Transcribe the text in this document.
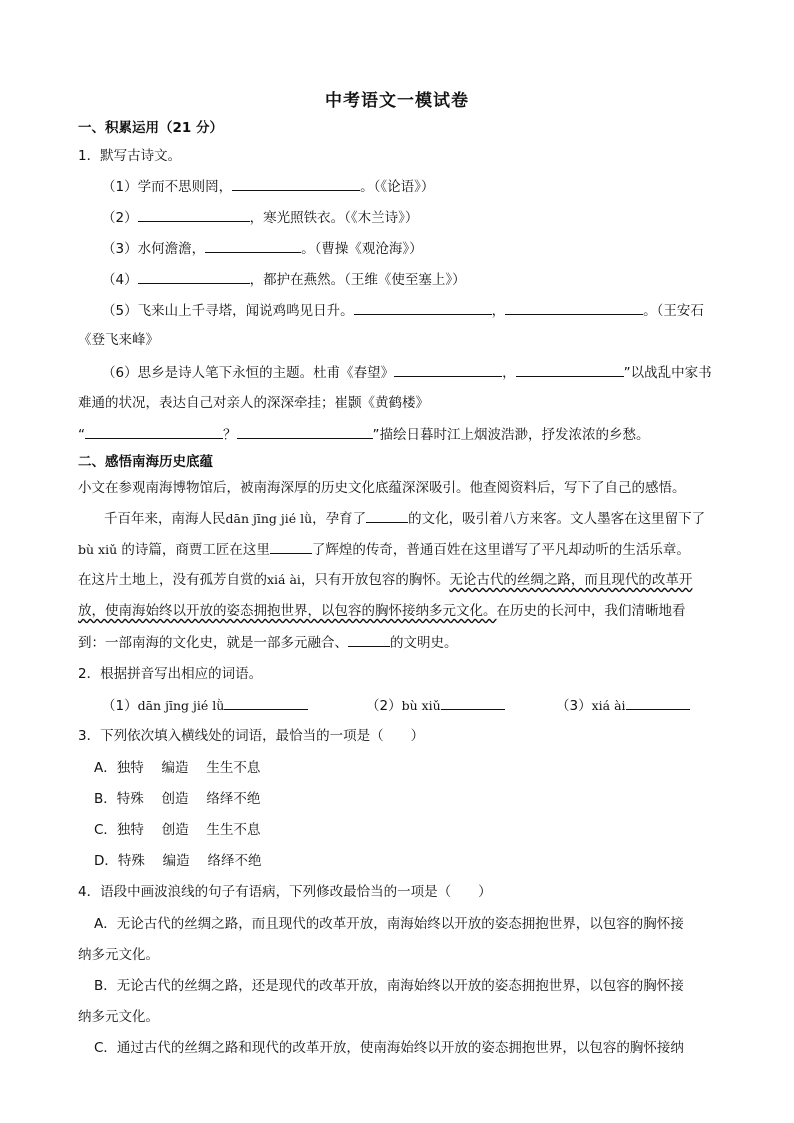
中考语文一模试卷
一、积累运用（21 分）
1．默写古诗文。
（1）学而不思则罔，	。（《论语》）
（2）	，寒光照铁衣。（《木兰诗》）
（3）水何澹澹，	。（曹操《观沧海》）
（4）	，都护在燕然。（王维《使至塞上》）
（5）飞来山上千寻塔，闻说鸡鸣见日升。	，	。（王安石
《登飞来峰》
（6）思乡是诗人笔下永恒的主题。杜甫《春望》	，	”以战乱中家书
难通的状况，表达自己对亲人的深深牵挂；崔颢《黄鹤楼》
“	？	”描绘日暮时江上烟波浩渺，抒发浓浓的乡愁。
二、感悟南海历史底蕴
小文在参观南海博物馆后，被南海深厚的历史文化底蕴深深吸引。他查阅资料后，写下了自己的感悟。
千百年来，南海人民dān jīng jié lǜ，孕育了	的文化，吸引着八方来客。文人墨客在这里留下了
bù xiǔ 的诗篇，商贾工匠在这里	了辉煌的传奇，普通百姓在这里谱写了平凡却动听的生活乐章。
在这片土地上，没有孤芳自赏的xiá ài，只有开放包容的胸怀。无论古代的丝绸之路，而且现代的改革开
放，使南海始终以开放的姿态拥抱世界，以包容的胸怀接纳多元文化。在历史的长河中，我们清晰地看
到：一部南海的文化史，就是一部多元融合、	的文明史。
2．根据拼音写出相应的词语。
（1）dān jīng jié lǜ	（2）bù xiǔ	（3）xiá ài
3．下列依次填入横线处的词语，最恰当的一项是（　　）
A．独特　 编造　 生生不息
B．特殊　 创造　 络绎不绝
C．独特　 创造　 生生不息
D．特殊　 编造　 络绎不绝
4．语段中画波浪线的句子有语病，下列修改最恰当的一项是（　　）
A．无论古代的丝绸之路，而且现代的改革开放，南海始终以开放的姿态拥抱世界，以包容的胸怀接
纳多元文化。
B．无论古代的丝绸之路，还是现代的改革开放，南海始终以开放的姿态拥抱世界，以包容的胸怀接
纳多元文化。
C．通过古代的丝绸之路和现代的改革开放，使南海始终以开放的姿态拥抱世界，以包容的胸怀接纳
